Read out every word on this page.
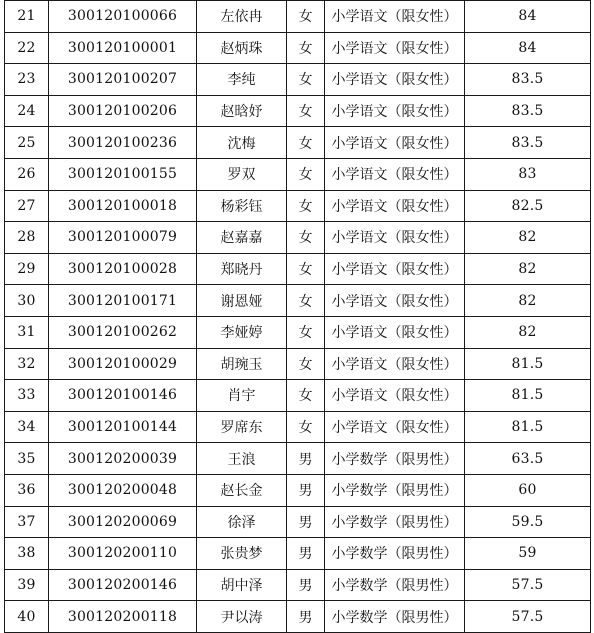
21	300120100066	左依冉	女	小学语文（限女性）	84
22	300120100001	赵炳珠	女	小学语文（限女性）	84
23	300120100207	李纯	女	小学语文（限女性）	83.5
24	300120100206	赵晗妤	女	小学语文（限女性）	83.5
25	300120100236	沈梅	女	小学语文（限女性）	83.5
26	300120100155	罗双	女	小学语文（限女性）	83
27	300120100018	杨彩钰	女	小学语文（限女性）	82.5
28	300120100079	赵嘉嘉	女	小学语文（限女性）	82
29	300120100028	郑晓丹	女	小学语文（限女性）	82
30	300120100171	谢恩娅	女	小学语文（限女性）	82
31	300120100262	李娅婷	女	小学语文（限女性）	82
32	300120100029	胡琬玉	女	小学语文（限女性）	81.5
33	300120100146	肖宇	女	小学语文（限女性）	81.5
34	300120100144	罗席东	女	小学语文（限女性）	81.5
35	300120200039	王浪	男	小学数学（限男性）	63.5
36	300120200048	赵长金	男	小学数学（限男性）	60
37	300120200069	徐泽	男	小学数学（限男性）	59.5
38	300120200110	张贵梦	男	小学数学（限男性）	59
39	300120200146	胡中泽	男	小学数学（限男性）	57.5
40	300120200118	尹以涛	男	小学数学（限男性）	57.5
